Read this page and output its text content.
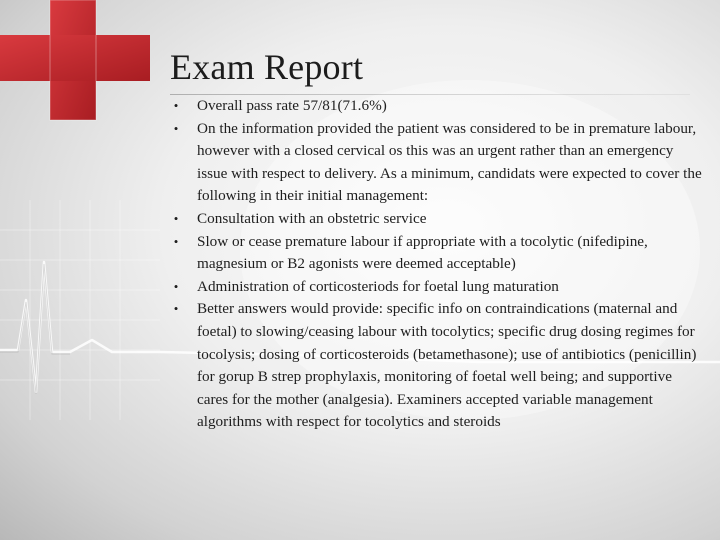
Exam Report
• Overall pass rate 57/81(71.6%)
• On the information provided the patient was considered to be in premature labour, however with a closed cervical os this was an urgent rather than an emergency issue with respect to delivery. As a minimum, candidats were expected to cover the following in their initial management:
• Consultation with an obstetric service
• Slow or cease premature labour if appropriate with a tocolytic (nifedipine, magnesium or B2 agonists were deemed acceptable)
• Administration of corticosteriods for foetal lung maturation
• Better answers would provide: specific info on contraindications (maternal and foetal) to slowing/ceasing labour with tocolytics; specific drug dosing regimes for tocolysis; dosing of corticosteroids (betamethasone); use of antibiotics (penicillin) for gorup B strep prophylaxis, monitoring of foetal well being; and supportive cares for the mother (analgesia). Examiners accepted variable management algorithms with respect for tocolytics and steroids
